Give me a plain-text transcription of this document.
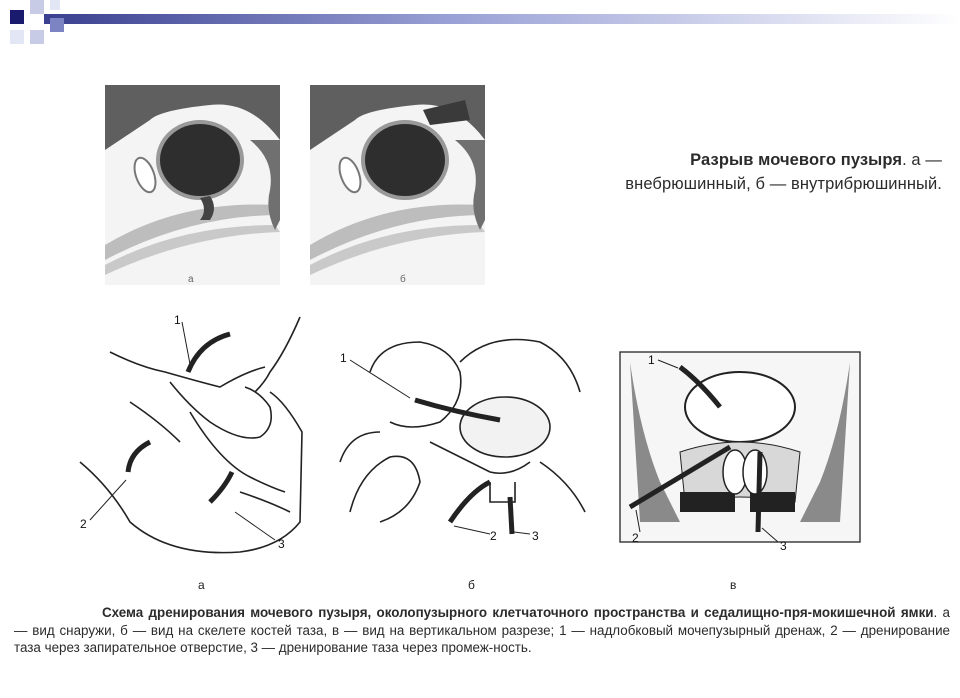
а	б
Разрыв мочевого пузыря. а —
внебрюшинный, б — внутрибрюшинный.
1
2
3
1
2	3
1
2
3
а	б	в
Схема дренирования мочевого пузыря, околопузырного клетчаточного пространства и седалищно-пря-мокишечной ямки. а — вид снаружи, б — вид на скелете костей таза, в — вид на вертикальном разрезе; 1 — надлобковый мочепузырный дренаж, 2 — дренирование таза через запирательное отверстие, 3 — дренирование таза через промеж-ность.
